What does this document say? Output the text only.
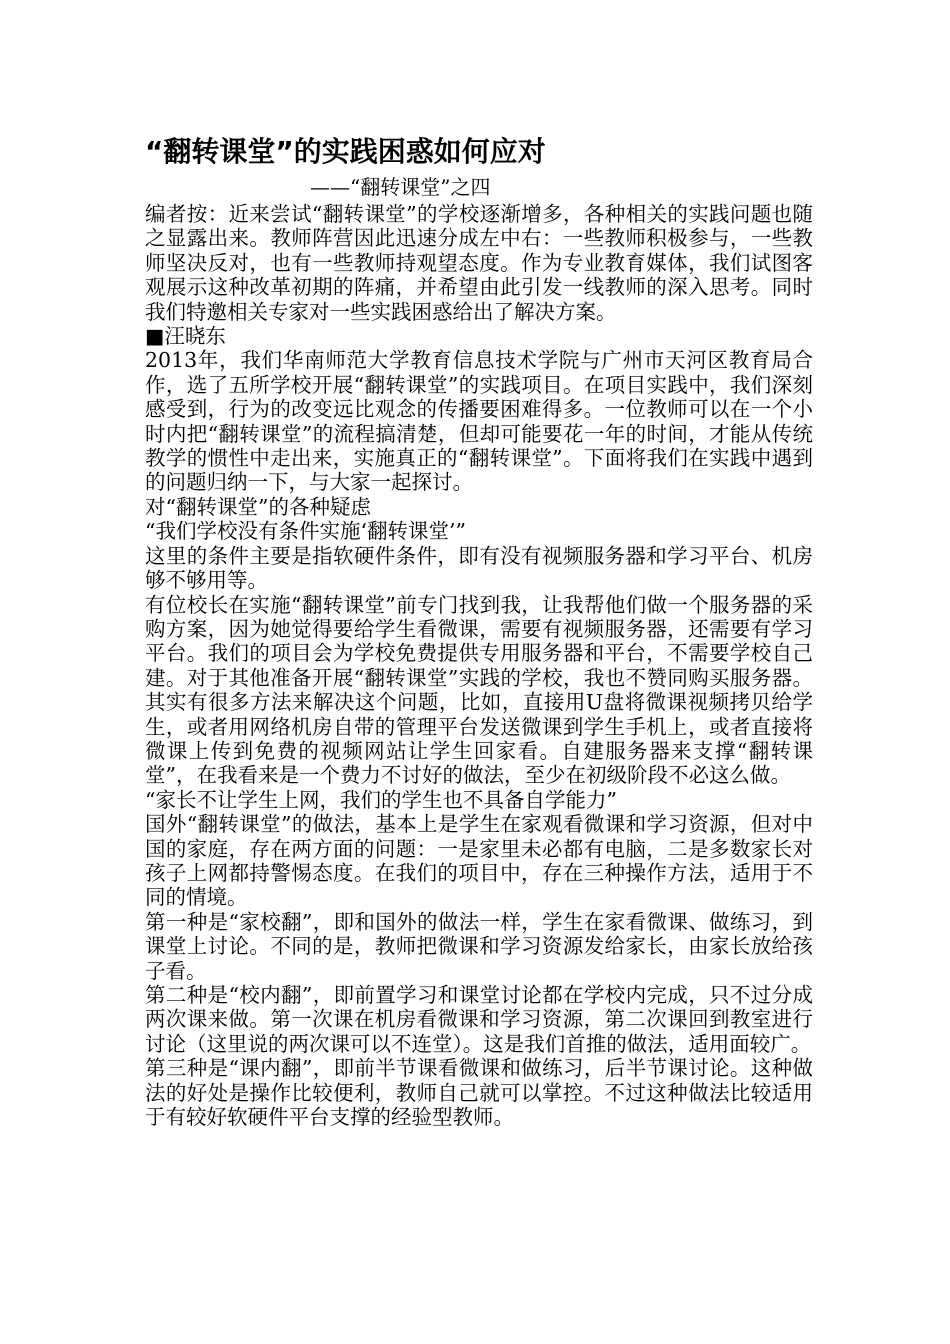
“翻转课堂”的实践困惑如何应对
——“翻转课堂”之四

编者按：近来尝试“翻转课堂”的学校逐渐增多，各种相关的实践问题也随之显露出来。教师阵营因此迅速分成左中右：一些教师积极参与，一些教师坚决反对，也有一些教师持观望态度。作为专业教育媒体，我们试图客观展示这种改革初期的阵痛，并希望由此引发一线教师的深入思考。同时我们特邀相关专家对一些实践困惑给出了解决方案。

■汪晓东

2013年，我们华南师范大学教育信息技术学院与广州市天河区教育局合作，选了五所学校开展“翻转课堂”的实践项目。在项目实践中，我们深刻感受到，行为的改变远比观念的传播要困难得多。一位教师可以在一个小时内把“翻转课堂”的流程搞清楚，但却可能要花一年的时间，才能从传统教学的惯性中走出来，实施真正的“翻转课堂”。下面将我们在实践中遇到的问题归纳一下，与大家一起探讨。

对“翻转课堂”的各种疑虑

“我们学校没有条件实施‘翻转课堂’”

这里的条件主要是指软硬件条件，即有没有视频服务器和学习平台、机房够不够用等。

有位校长在实施“翻转课堂”前专门找到我，让我帮他们做一个服务器的采购方案，因为她觉得要给学生看微课，需要有视频服务器，还需要有学习平台。我们的项目会为学校免费提供专用服务器和平台，不需要学校自己建。对于其他准备开展“翻转课堂”实践的学校，我也不赞同购买服务器。其实有很多方法来解决这个问题，比如，直接用U盘将微课视频拷贝给学生，或者用网络机房自带的管理平台发送微课到学生手机上，或者直接将微课上传到免费的视频网站让学生回家看。自建服务器来支撑“翻转课堂”，在我看来是一个费力不讨好的做法，至少在初级阶段不必这么做。

“家长不让学生上网，我们的学生也不具备自学能力”

国外“翻转课堂”的做法，基本上是学生在家观看微课和学习资源，但对中国的家庭，存在两方面的问题：一是家里未必都有电脑，二是多数家长对孩子上网都持警惕态度。在我们的项目中，存在三种操作方法，适用于不同的情境。

第一种是“家校翻”，即和国外的做法一样，学生在家看微课、做练习，到课堂上讨论。不同的是，教师把微课和学习资源发给家长，由家长放给孩子看。

第二种是“校内翻”，即前置学习和课堂讨论都在学校内完成，只不过分成两次课来做。第一次课在机房看微课和学习资源，第二次课回到教室进行讨论（这里说的两次课可以不连堂）。这是我们首推的做法，适用面较广。

第三种是“课内翻”，即前半节课看微课和做练习，后半节课讨论。这种做法的好处是操作比较便利，教师自己就可以掌控。不过这种做法比较适用于有较好软硬件平台支撑的经验型教师。
